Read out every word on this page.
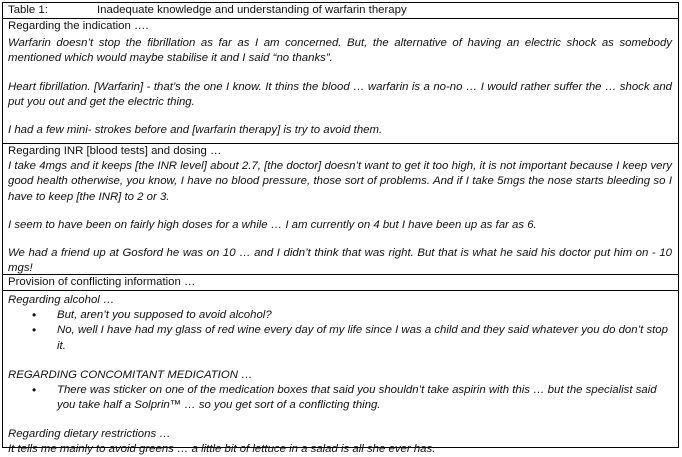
Table 1:	Inadequate knowledge and understanding of warfarin therapy
Regarding the indication ….

Warfarin doesn’t stop the fibrillation as far as I am concerned. But, the alternative of having an electric shock as somebody mentioned which would maybe stabilise it and I said “no thanks”.

Heart fibrillation. [Warfarin] - that’s the one I know. It thins the blood … warfarin is a no-no … I would rather suffer the … shock and put you out and get the electric thing.

I had a few mini- strokes before and [warfarin therapy] is try to avoid them.

Regarding INR [blood tests] and dosing …

I take 4mgs and it keeps [the INR level] about 2.7, [the doctor] doesn’t want to get it too high, it is not important because I keep very good health otherwise, you know, I have no blood pressure, those sort of problems. And if I take 5mgs the nose starts bleeding so I have to keep [the INR] to 2 or 3.

I seem to have been on fairly high doses for a while … I am currently on 4 but I have been up as far as 6.

We had a friend up at Gosford he was on 10 … and I didn’t think that was right. But that is what he said his doctor put him on - 10 mgs!

Provision of conflicting information …

Regarding alcohol …

• But, aren’t you supposed to avoid alcohol?
• No, well I have had my glass of red wine every day of my life since I was a child and they said whatever you do don’t stop it.

REGARDING CONCOMITANT MEDICATION …

• There was sticker on one of the medication boxes that said you shouldn’t take aspirin with this … but the specialist said you take half a Solprin™ … so you get sort of a conflicting thing.

Regarding dietary restrictions …

It tells me mainly to avoid greens … a little bit of lettuce in a salad is all she ever has.
